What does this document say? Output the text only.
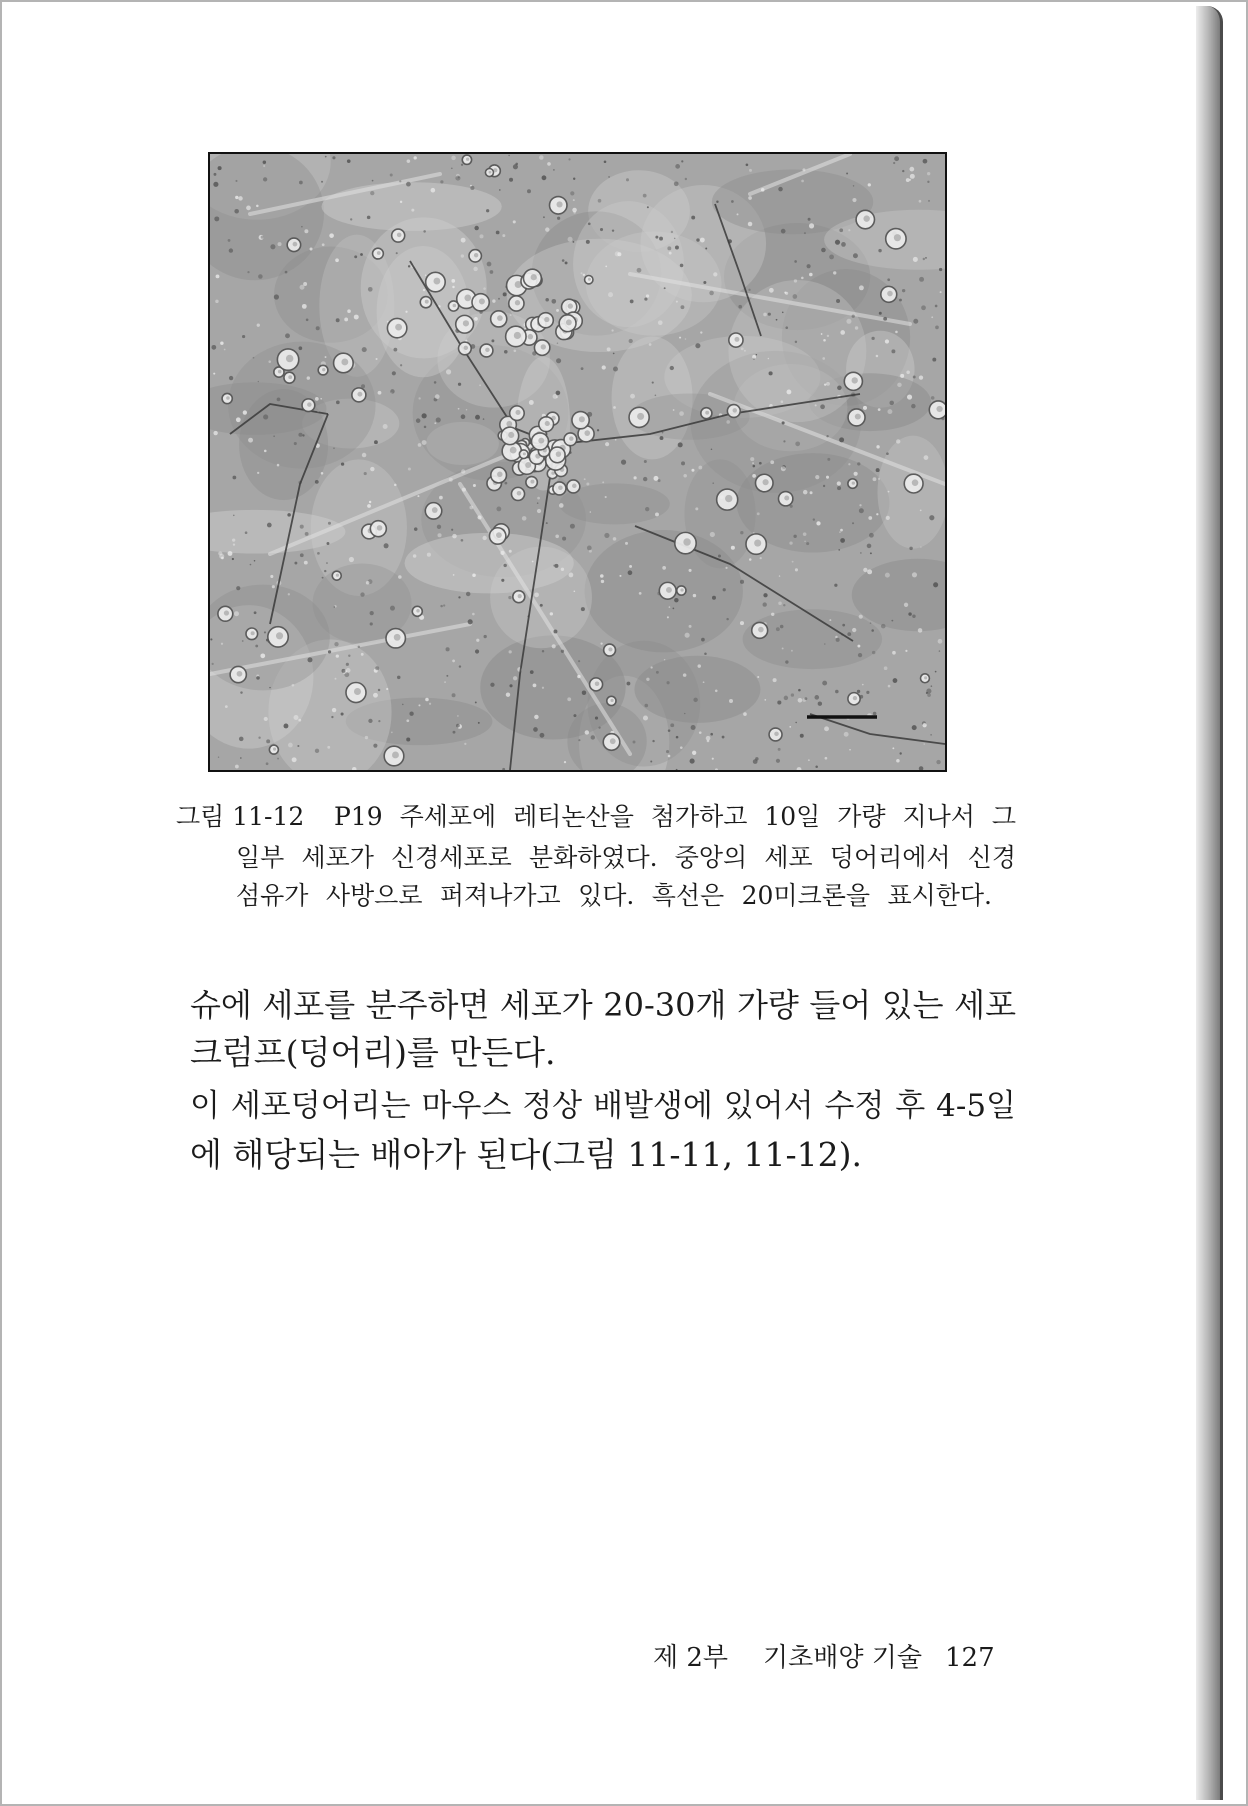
그림 11-12	P19 주세포에 레티논산을 첨가하고 10일 가량 지나서 그
일부 세포가 신경세포로 분화하였다. 중앙의 세포 덩어리에서 신경
섬유가 사방으로 퍼져나가고 있다. 흑선은 20미크론을 표시한다.
슈에 세포를 분주하면 세포가 20-30개 가량 들어 있는 세포
크럼프(덩어리)를 만든다.
이 세포덩어리는 마우스 정상 배발생에 있어서 수정 후 4-5일
에 해당되는 배아가 된다(그림 11-11, 11-12).
제 2부 기초배양 기술 127
